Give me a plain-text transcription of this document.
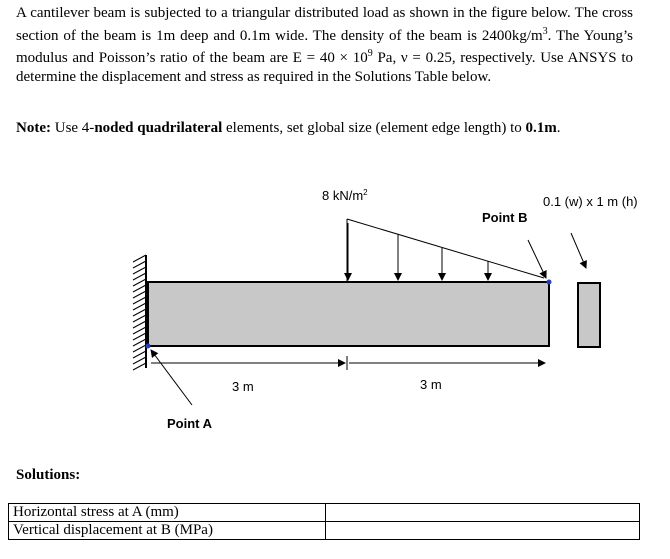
A cantilever beam is subjected to a triangular distributed load as shown in the figure below. The cross section of the beam is 1m deep and 0.1m wide. The density of the beam is $2400kg/m^3$. The Young’s modulus and Poisson’s ratio of the beam are $E = 40 \times 10^9$ Pa, ν = 0.25, respectively. Use ANSYS to determine the displacement and stress as required in the Solutions Table below.
Note: Use 4-noded quadrilateral elements, set global size (element edge length) to 0.1m.
8 $kN/m^2$
Point B
0.1 (w) x 1 m (h)
Point A
3 m	3 m
Solutions:
Horizontal stress at A (mm)	
Vertical displacement at B (MPa)	
